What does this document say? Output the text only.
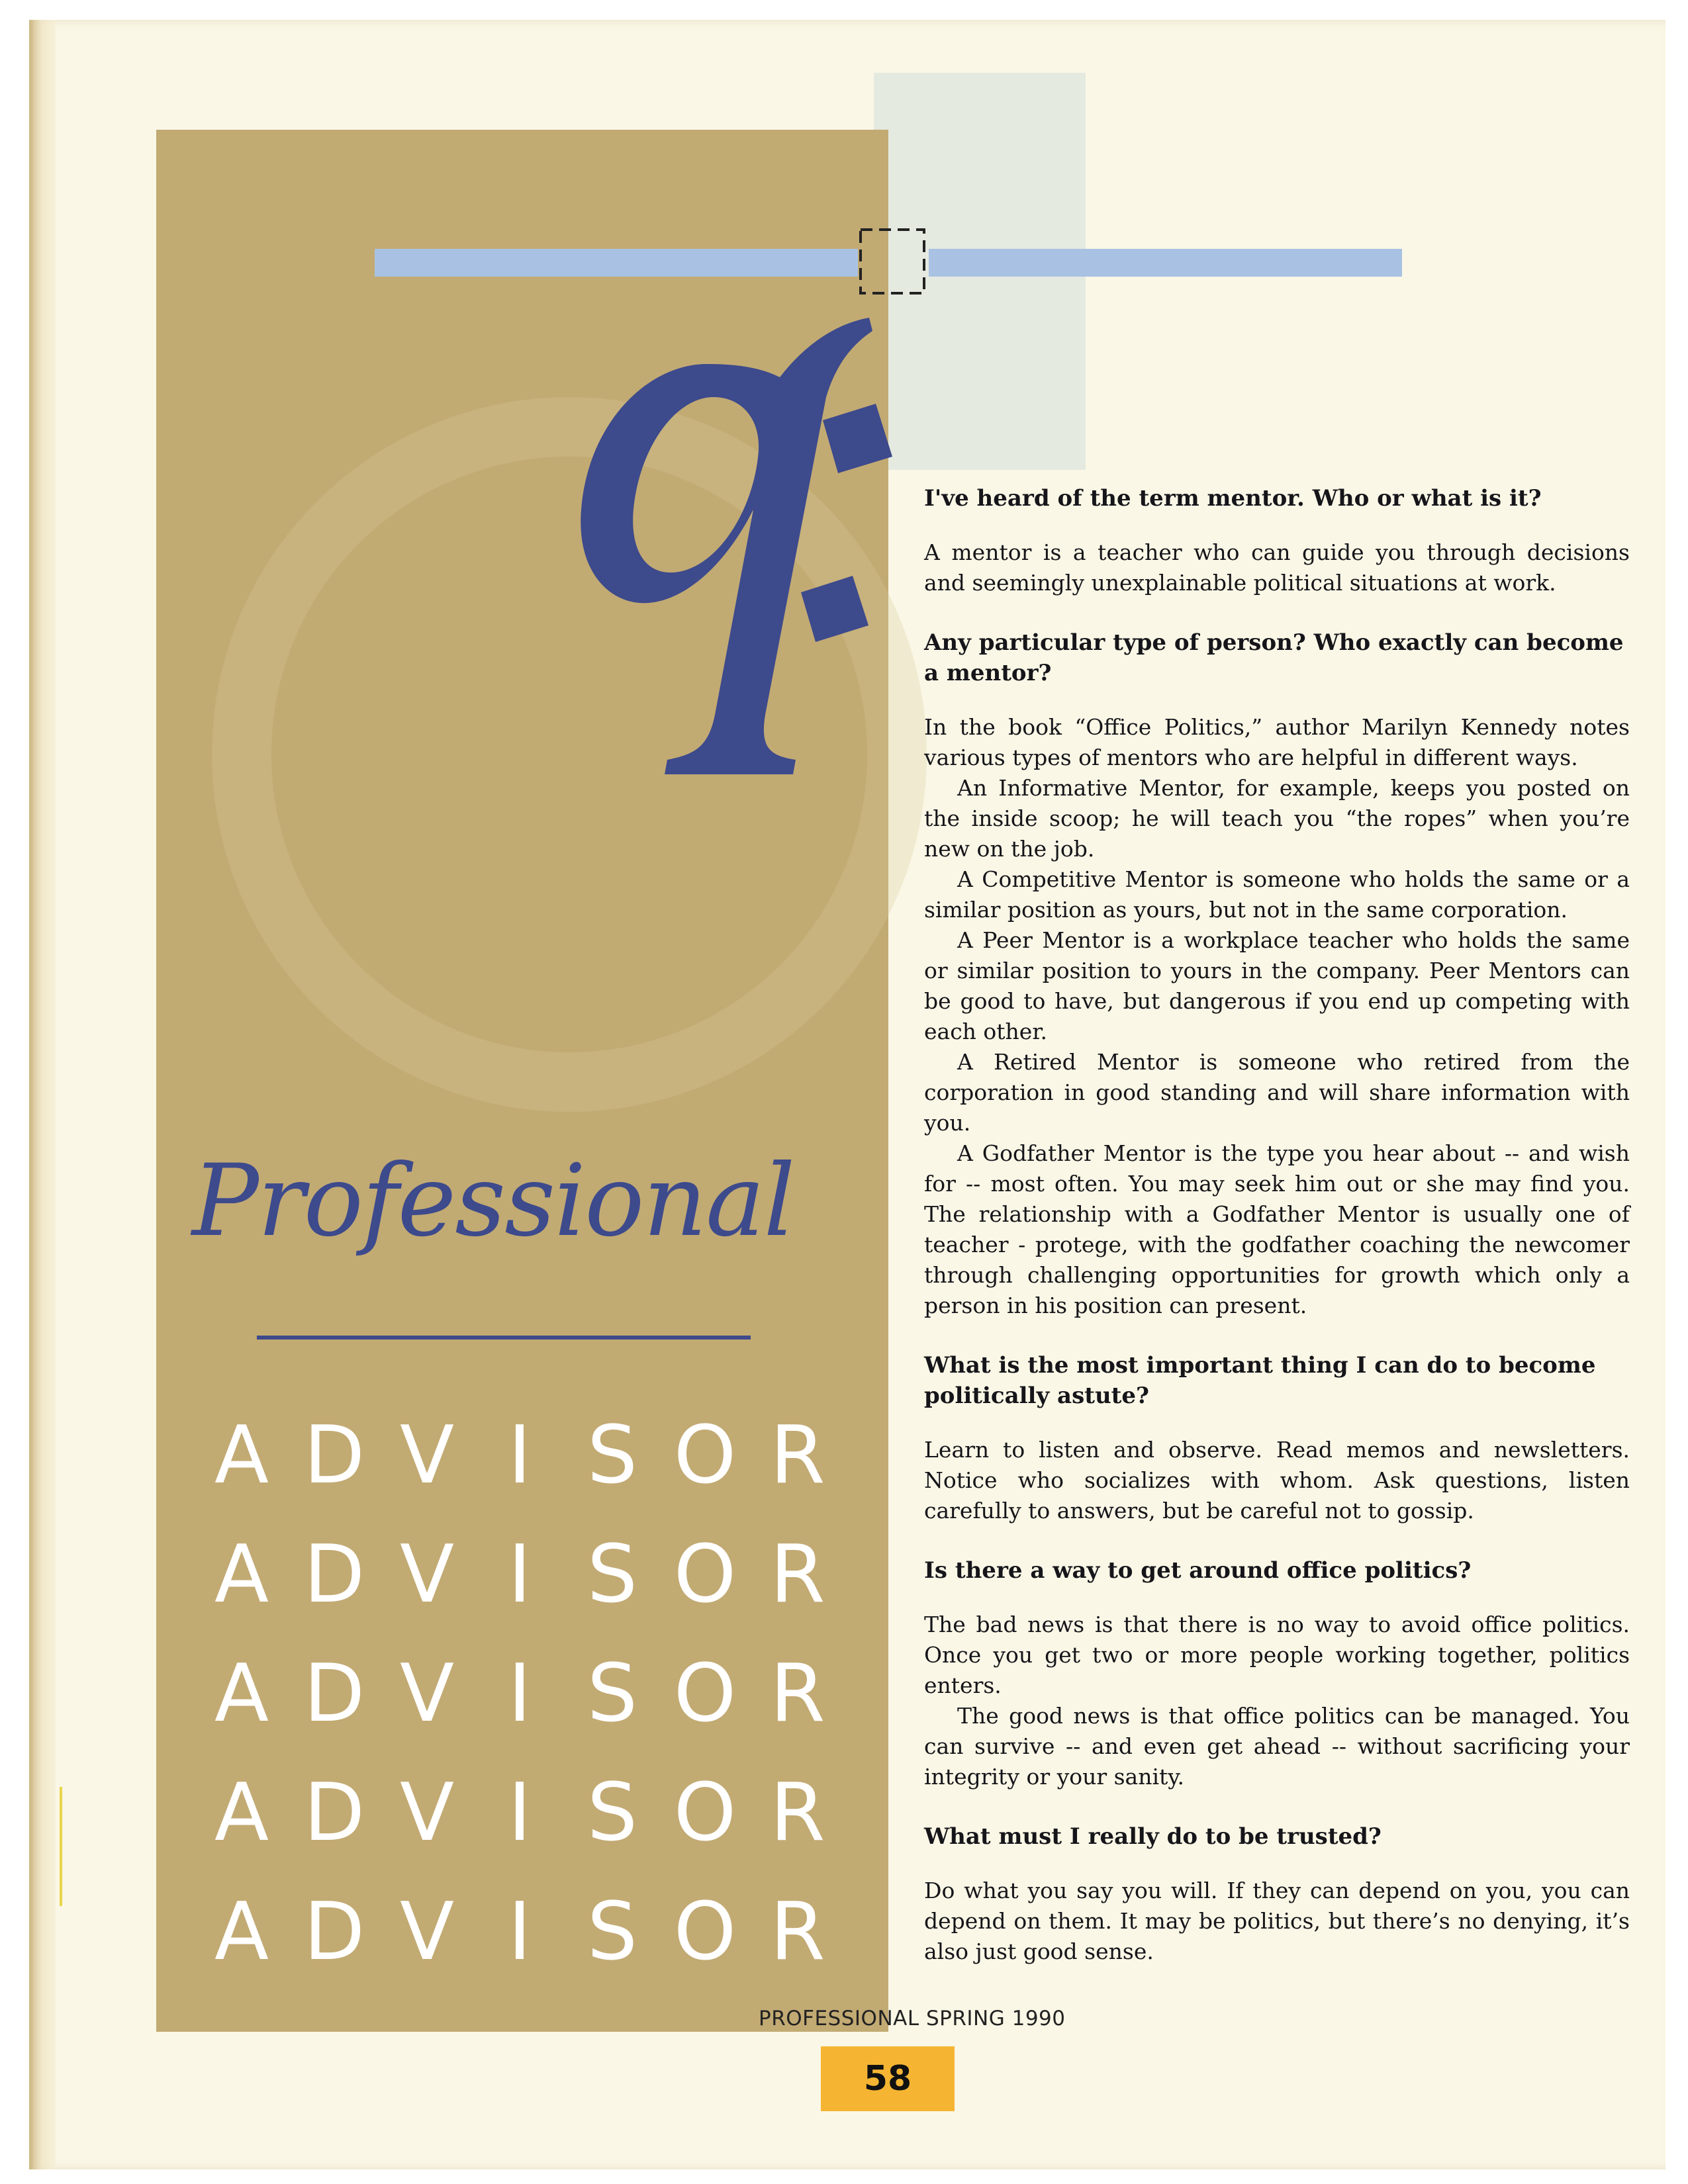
Professional
A D V I S O R
A D V I S O R
A D V I S O R
A D V I S O R
A D V I S O R

I've heard of the term mentor. Who or what is it?

A mentor is a teacher who can guide you through decisions and seemingly unexplainable political situations at work.

Any particular type of person? Who exactly can become a mentor?

In the book “Office Politics,” author Marilyn Kennedy notes various types of mentors who are helpful in different ways.

An Informative Mentor, for example, keeps you posted on the inside scoop; he will teach you “the ropes” when you’re new on the job.

A Competitive Mentor is someone who holds the same or a similar position as yours, but not in the same corporation.

A Peer Mentor is a workplace teacher who holds the same or similar position to yours in the company. Peer Mentors can be good to have, but dangerous if you end up competing with each other.

A Retired Mentor is someone who retired from the corporation in good standing and will share information with you.

A Godfather Mentor is the type you hear about -- and wish for -- most often. You may seek him out or she may find you. The relationship with a Godfather Mentor is usually one of teacher - protege, with the godfather coaching the newcomer through challenging opportunities for growth which only a person in his position can present.

What is the most important thing I can do to become politically astute?

Learn to listen and observe. Read memos and newsletters. Notice who socializes with whom. Ask questions, listen carefully to answers, but be careful not to gossip.

Is there a way to get around office politics?

The bad news is that there is no way to avoid office politics. Once you get two or more people working together, politics enters.

The good news is that office politics can be managed. You can survive -- and even get ahead -- without sacrificing your integrity or your sanity.

What must I really do to be trusted?

Do what you say you will. If they can depend on you, you can depend on them. It may be politics, but there’s no denying, it’s also just good sense.

PROFESSIONAL SPRING 1990
58
